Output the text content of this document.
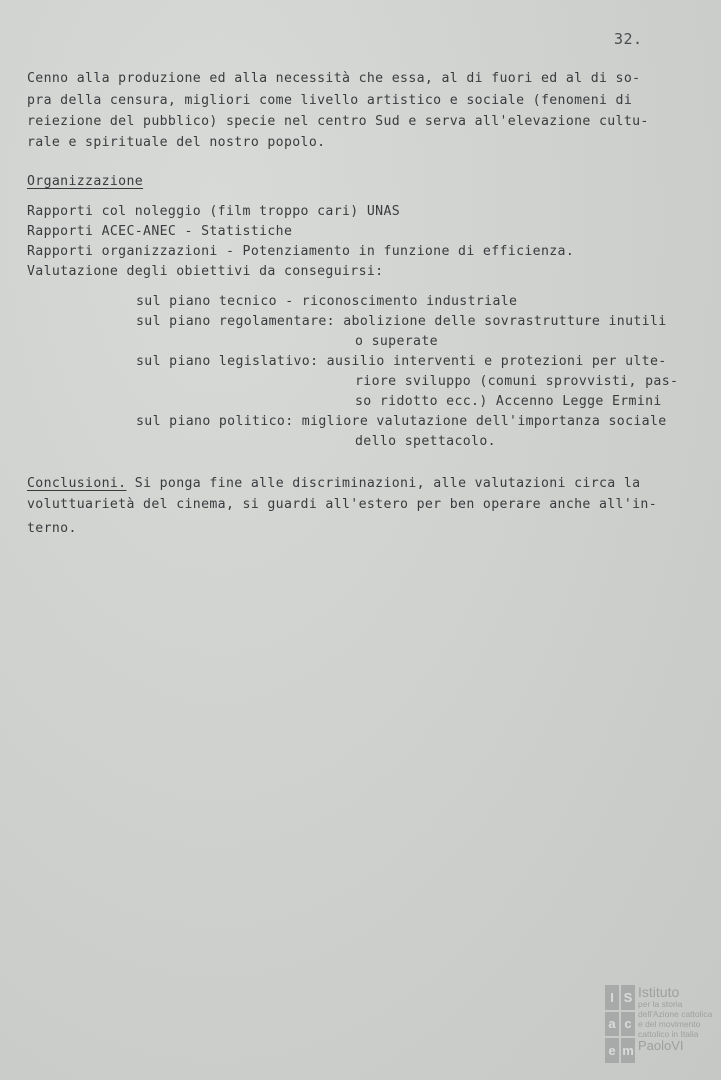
32.
Cenno alla produzione ed alla necessità che essa, al di fuori ed al di so-
pra della censura, migliori come livello artistico e sociale (fenomeni di
reiezione del pubblico) specie nel centro Sud e serva all'elevazione cultu-
rale e spirituale del nostro popolo.
Organizzazione
Rapporti col noleggio (film troppo cari) UNAS
Rapporti ACEC-ANEC - Statistiche
Rapporti organizzazioni - Potenziamento in funzione di efficienza.
Valutazione degli obiettivi da conseguirsi:
sul piano tecnico - riconoscimento industriale
sul piano regolamentare: abolizione delle sovrastrutture inutili
o superate
sul piano legislativo: ausilio interventi e protezioni per ulte-
riore sviluppo (comuni sprovvisti, pas-
so ridotto ecc.) Accenno Legge Ermini
sul piano politico: migliore valutazione dell'importanza sociale
dello spettacolo.
Conclusioni. Si ponga fine alle discriminazioni, alle valutazioni circa la
voluttuarietà del cinema, si guardi all'estero per ben operare anche all'in-
terno.
I S
a c
e m
Istituto
per la storia
dell'Azione cattolica
e del movimento
cattolico in Italia
PaoloVI
